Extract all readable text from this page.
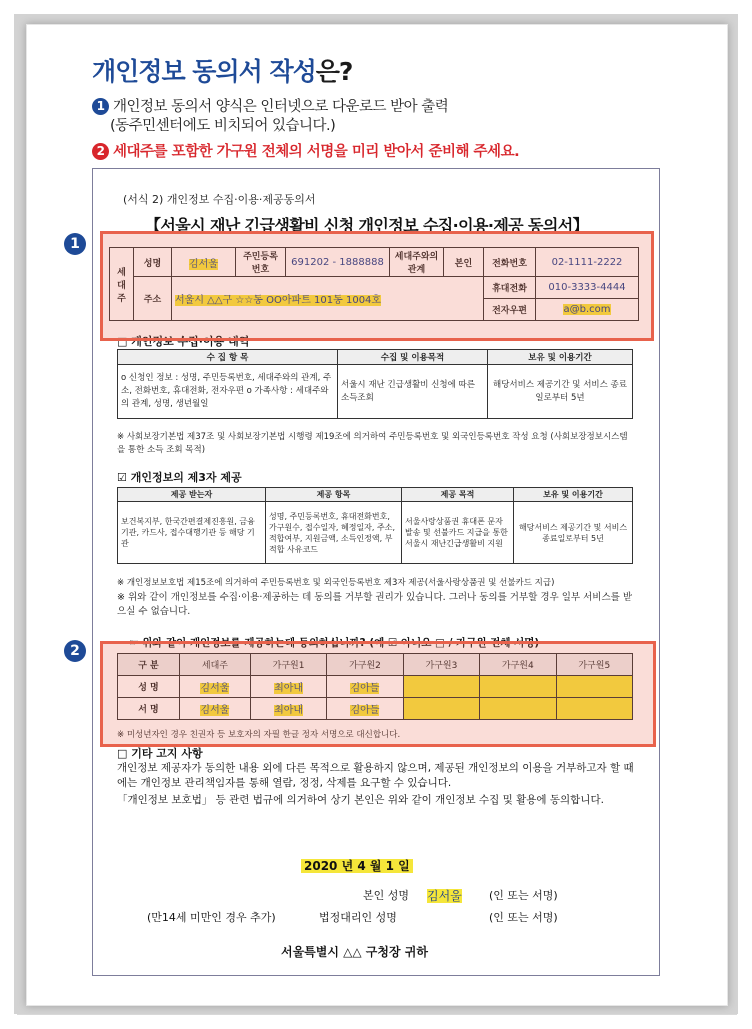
개인정보 동의서 작성은?
1 개인정보 동의서 양식은 인터넷으로 다운로드 받아 출력
(동주민센터에도 비치되어 있습니다.)
2 세대주를 포함한 가구원 전체의 서명을 미리 받아서 준비해 주세요.
(서식 2) 개인정보 수집·이용·제공동의서
【서울시 재난 긴급생활비 신청 개인정보 수집·이용·제공 동의서】
세대주	성명	김서울	주민등록번호	691202 - 1888888	세대주와의관계	본인	전화번호	02-1111-2222
	주소	서울시 △△구 ☆☆동 OO아파트 101동 1004호					휴대전화	010-3333-4444
							전자우편	a@b.com
□ 개인정보 수집·이용 내역
수 집 항 목	수집 및 이용목적	보유 및 이용기간
o 신청인 정보 : 성명, 주민등록번호, 세대주와의 관계, 주소, 전화번호, 휴대전화, 전자우편 o 가족사항 : 세대주와의 관계, 성명, 생년월일	서울시 재난 긴급생활비 신청에 따른 소득조회	해당서비스 제공기간 및 서비스 종료일로부터 5년
※ 사회보장기본법 제37조 및 사회보장기본법 시행령 제19조에 의거하여 주민등록번호 및 외국인등록번호 작성 요청 (사회보장정보시스템을 통한 소득 조회 목적)
☑ 개인정보의 제3자 제공
제공 받는자	제공 항목	제공 목적	보유 및 이용기간
보건복지부, 한국간편결제진흥원, 금융기관, 카드사, 접수대행기관 등 해당 기관	성명, 주민등록번호, 휴대전화번호, 가구원수, 접수일자, 혜정일자, 주소, 적합여부, 지원금액, 소득인정액, 부적합 사유코드	서울사랑상품권 휴대폰 문자 발송 및 선불카드 지급을 통한 서울시 재난긴급생활비 지원	해당서비스 제공기간 및 서비스 종료일로부터 5년
※ 개인정보보호법 제15조에 의거하여 주민등록번호 및 외국인등록번호 제3자 제공(서울사랑상품권 및 선불카드 지급)
※ 위와 같이 개인정보를 수집·이용·제공하는 데 동의를 거부할 권리가 있습니다. 그러나 동의를 거부할 경우 일부 서비스를 받으실 수 없습니다.
☞ 위와 같이 개인정보를 제공하는데 동의하십니까? (예 ☑ 아니오 □ / 가구원 전체 서명)
구 분	세대주	가구원1	가구원2	가구원3	가구원4	가구원5
성 명	김서울	최아내	김아들			
서 명	김서울	최아내	김아들			
※ 미성년자인 경우 친권자 등 보호자의 자필 한글 정자 서명으로 대신합니다.
□ 기타 고지 사항
개인정보 제공자가 동의한 내용 외에 다른 목적으로 활용하지 않으며, 제공된 개인정보의 이용을 거부하고자 할 때에는 개인정보 관리책임자를 통해 열람, 정정, 삭제를 요구할 수 있습니다.
「개인정보 보호법」 등 관련 법규에 의거하여 상기 본인은 위와 같이 개인정보 수집 및 활용에 동의합니다.
2020 년 4 월 1 일
본인 성명 김서울 (인 또는 서명)
(만14세 미만인 경우 추가)	법정대리인 성명	(인 또는 서명)
서울특별시 △△ 구청장 귀하
1
2
